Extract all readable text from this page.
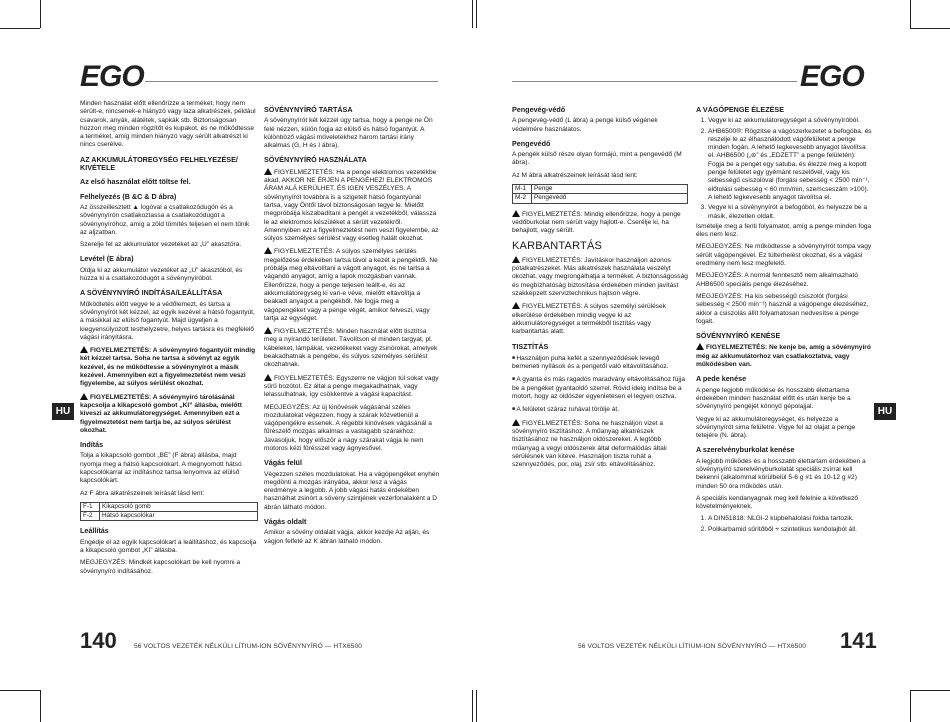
EGO	EGO
HU	HU

Minden használat előtt ellenőrizze a terméket, hogy nem sérült-e, nincsenek-e hiányzó vagy laza alkatrészek, például csavarok, anyák, alátétek, sapkák stb. Biztonságosan húzzon meg minden rögzítőt és kupakot, és ne működtesse a terméket, amíg minden hiányzó vagy sérült alkatrészt ki nincs cserélve.

AZ AKKUMULÁTOREGYSÉG FELHELYEZÉSE/ KIVÉTELE
Az első használat előtt töltse fel.
Felhelyezés (B &C & D ábra)

Az összeillesztett ▲ logóval a csatlakozódugón és a sövénynyírón csatlakoztassa a csatlakozódugót a sövénynyíróhoz, amíg a zöld tömítés teljesen el nem tűnik az aljzatban.

Szerelje fel az akkumulátor vezetéket az „U” akasztóra.

Levétel (E ábra)

Oldja ki az akkumulátor vezetéket az „U” akasztóból, és húzza ki a csatlakozódugót a sövénynyíróból.

A SÖVÉNYNYÍRÓ INDÍTÁSA/LEÁLLÍTÁSA

Működtetés előtt vegye le a védőlemezt, és tartsa a sövénynyírót két kézzel, az egyik kezével a hátsó fogantyút, a másikkal az elülső fogantyút. Majd ügyeljen a kiegyensúlyozott testhelyzetre, helyes tartásra és megfelelő vágási irányításra.

FIGYELMEZTETÉS: A sövénynyíró fogantyúit mindig két kézzel tartsa. Soha ne tartsa a sövényt az egyik kezével, és ne működtesse a sövénynyírót a másik kezével. Amennyiben ezt a figyelmeztetést nem veszi figyelembe, az súlyos sérülést okozhat.

FIGYELMEZTETÉS: A sövénynyíró tárolásánál kapcsolja a kikapcsoló gombot „KI” állásba, mielőtt kiveszi az akkumulátoregységet. Amennyiben ezt a figyelmeztetést nem tartja be, az súlyos sérülést okozhat.

Indítás

Tolja a kikapcsoló gombot „BE” (F ábra) állásba, majd nyomja meg a hátsó kapcsolókart. A megnyomott hátsó kapcsolókarral az indításhoz tartsa lenyomva az elülső kapcsolókart.

Az F ábra alkatrészeinek leírását lásd lent:

F-1	Kikapcsoló gomb
F-2	Hátsó kapcsolókar
Leállítás

Engedje el az egyik kapcsolókart a leállításhoz, és kapcsolja a kikapcsoló gombot „KI” állásba.

MEGJEGYZÉS: Mindkét kapcsolókart be kell nyomni a sövénynyíró indításához.

SÖVÉNYNYÍRÓ TARTÁSA

A sövénynyírót két kézzel úgy tartsa, hogy a penge ne Ön felé nézzen, külön fogja az elülső és hátsó fogantyút. A különböző vágási műveletekhez három tartási irány alkalmas (G, H és I ábra).

SÖVÉNYNYÍRÓ HASZNÁLATA

FIGYELMEZTETÉS: Ha a penge elektromos vezetékbe akad, AKKOR NE ÉRJEN A PENGÉHEZ! ELEKTROMOS ÁRAM ALÁ KERÜLHET, ÉS IGEN VESZÉLYES. A sövénynyírót továbbra is a szigetelt hátsó fogantyúnál tartsa, vagy Öntől távol biztonságosan tegye le. Mielőtt megpróbálja kiszabadítani a pengét a vezetékből, válassza le az elektromos készüléket a sérült vezetékről. Amennyiben ezt a figyelmeztetést nem veszi figyelembe, az súlyos személyes sérülést vagy esetleg halált okozhat.

FIGYELMEZTETÉS: A súlyos személyes sérülés megelőzése érdekében tartsa távol a kezét a pengéktől. Ne próbálja meg eltávolítani a vágott anyagot, és ne tartsa a vágandó anyagot, amíg a lapok mozgásban vannak. Ellenőrizze, hogy a penge teljesen leállt-e, és az akkumulátoregység ki van-e véve, mielőtt eltávolítja a beakadt anyagot a pengékből. Ne fogja meg a vágópengéket vagy a penge végét, amikor felveszi, vagy tartja az egységet.

FIGYELMEZTETÉS: Minden használat előtt tisztítsa meg a nyírandó területet. Távolítson el minden targyat, pl. kábeleket, lámpákat, vezetékeket vagy zsinórokat, amelyek beakadhatnak a pengébe, és súlyos személyes sérülést okozhatnak.

FIGYELMEZTETÉS: Egyszerre ne vágjon túl sokat vagy sűrű bozótot. Ez által a penge megakadhatnak, vagy lelassulhatnak, így csökkentve a vágási kapacitást.

MEGJEGYZÉS: Az új kinövések vágásánál széles mozdulatokat végezzen, hogy a szárak közvetlenül a vágópengékre essenek. A régebbi kinövések vágásánál a fűrészelő mozgás alkalmas a vastagabb szárakhoz. Javasoljuk, hogy először a nagy szárakat vágja le nem motoros kézi fűrésszel vagy ágnyesővel.

Vágás felül

Végezzen széles mozdulatokat. Ha a vágópengéket enyhén megdönti a mozgás irányába, akkor lesz a vágás eredménye a legjobb. A jobb vágási hatás érdekében használhat zsinórt a sövény szintjének vezérfonalaként a D ábrán látható módon.

Vágás oldalt

Amikor a sövény oldalait vágja, akkor kezdje Az alján, és vágjon felfelé az K ábrán látható módon.

Pengevég-védő

A pengevég-védő (L ábra) a penge külső végének védelmére használatos.

Pengevédő

A pengék külső része olyan formájú, mint a pengevédő (M ábra).

Az M ábra alkatrészeinek leírását lásd lent:

M-1	Penge
M-2	Pengevédő

FIGYELMEZTETÉS: Mindig ellenőrizze, hogy a penge védőburkolat nem sérült vagy hajlott-e. Cserélje ki, ha behajlott, vagy sérült.

KARBANTARTÁS

FIGYELMEZTETÉS: Javításkor használjon azonos pótalkatrészeket. Más alkatrészek használata veszélyt okozhat, vagy megrongálhatja a terméket. A biztonságosság és megbízhatóság biztosítása érdekében minden javítást szakképzett szerviztechnikus hajtson végre.

FIGYELMEZTETÉS: A súlyos személyi sérülések elkerülése érdekében mindig vegye ki az akkumulátoregységet a termékből tisztítás vagy karbantartás alatt.

TISZTÍTÁS

■ Használjon puha kefét a szennyeződések levegő berneneti nyílások és a pengetől való eltávolításához.

■ A gyanta és más ragadós maradvány eltávolításához fújja be a pengéket gyantaoldó szerrel. Rövid ideig indítsa be a motort, hogy az oldószer egyenletesen el legyen osztva.

■ A felületet száraz ruhával törölje át.

FIGYELMEZTETÉS: Soha ne használjon vizet a sövénynyíró tisztításhoz. A műanyag alkatrészek tisztításához ne használjon oldószereket. A legtöbb műanyag a vegyi oldószerek által deformálódás általi sérülésnek van kitéve. Használjon tiszta ruhát a szennyeződés, por, olaj, zsír stb. eltávolításához.

A VÁGÓPENGE ÉLEZÉSE
1. Vegye ki az akkumulátoregységet a sövénynyíróból.
2. AHB6500®: Rögzítse a vágószerkezetet a befogóba, és reszelje le az élhasználódott vágófelületet a penge minden fogán. A lehető legkevesebb anyagot távolítsa el. AHB6500 („⊛” és „EDZETT” a penge felületén): Fogja be a pengét egy satuba, és élezze meg a kopott penge felületet egy gyémánt reszelővel, vagy kis sebességű csiszolóval (forgási sebesség < 2500 min⁻¹, előtolási sebesség < 60 mm/min, szemcseszám >100). A lehető legkevesebb anyagot távolítsa el.
3. Vegye ki a sövénynyírót a befogóból, és helyezze be a másik, élezetlen oldalt.

Ismételje meg a fenti folyamatot, amíg a penge minden foga éles nem lesz.

MEGJEGYZÉS: Ne működtesse a sövénynyírót tompa vagy sérült vágópengével. Ez túlterhelést okozhat, és a vágási eredmény nem lesz megfelelő.

MEGJEGYZÉS: A normál fenntesztő nem alkalmazható AHB6500 speciális penge élezéséhez.

MEGJEGYZÉS: Ha kis sebességű csiszolót (forgási sebesség < 2500 min⁻¹) használ a vágópenge élezéséhez, akkor a csiszolás állít folyamatosan nedvesítse a penge fogait.

SÖVÉNYNYÍRÓ KENÉSE

FIGYELMEZTETÉS: Ne kenje be, amíg a sövénynyíró még az akkumulátorhoz van csatlakoztatva, vagy működésben van.

A pede kenése

A penge legjobb működése és hosszabb élettartama érdekében minden használat előtt és után kenje be a sövénynyíró pengéjét könnyű gépolajjal.

Vegye ki az akkumulátoregységet, és helyezze a sövénynyírót sima felületre. Vigye fel az olajat a penge tetejére (N. ábra).

A szerelvényburkolat kenése

A legjobb működés és a hosszabb élettartam érdekében a sövénynyíró szerelvényburkolatát speciális zsírral kell bekenni (alkalommal körülbelül 5-6 g #1 és 10-12 g #2) minden 50 óra működés után.

A speciális kendanyagnak meg kell felelnie a következő követelményeknek.

1. A DIN51818: NLGI-2 küpbehatolási fokba tartozik.
2. Polikarbamid sűrítőből + szintetikus kenőolajból áll.
140	56 VOLTOS VEZETÉK NÉLKÜLI LÍTIUM-ION SÖVÉNYNYÍRÓ — HTX6500	141
56 VOLTOS VEZETÉK NÉLKÜLI LÍTIUM-ION SÖVÉNYNYÍRÓ — HTX6500
